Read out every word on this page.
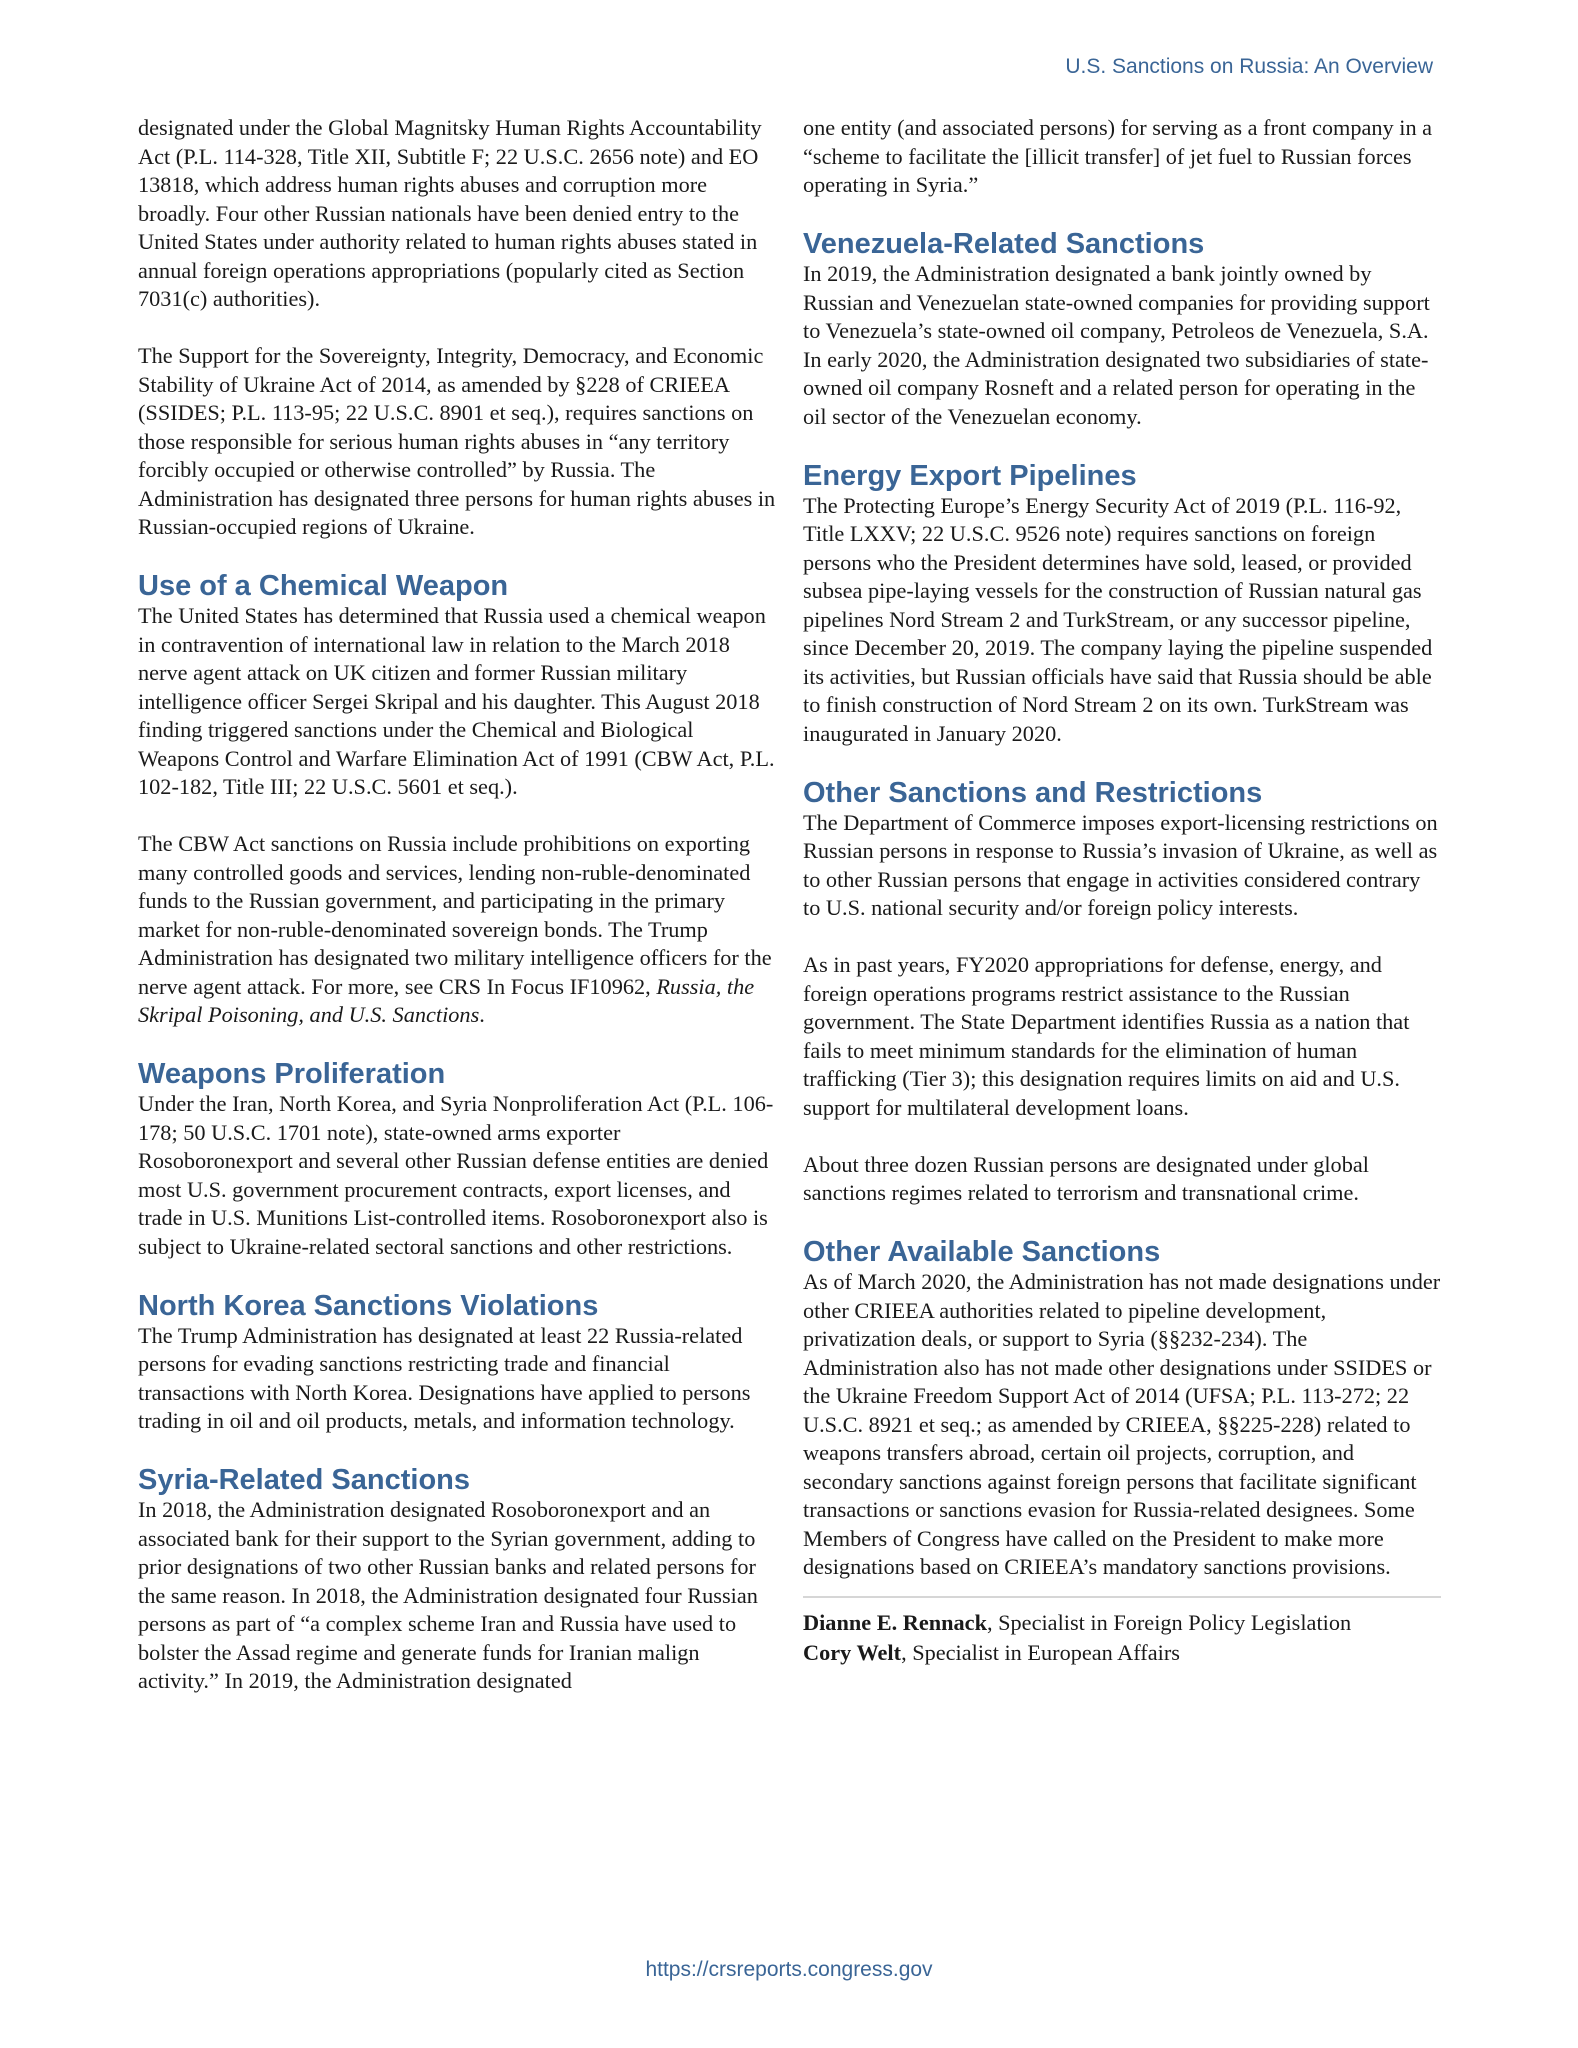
U.S. Sanctions on Russia: An Overview

designated under the Global Magnitsky Human Rights Accountability Act (P.L. 114-328, Title XII, Subtitle F; 22 U.S.C. 2656 note) and EO 13818, which address human rights abuses and corruption more broadly. Four other Russian nationals have been denied entry to the United States under authority related to human rights abuses stated in annual foreign operations appropriations (popularly cited as Section 7031(c) authorities).

The Support for the Sovereignty, Integrity, Democracy, and Economic Stability of Ukraine Act of 2014, as amended by §228 of CRIEEA (SSIDES; P.L. 113-95; 22 U.S.C. 8901 et seq.), requires sanctions on those responsible for serious human rights abuses in “any territory forcibly occupied or otherwise controlled” by Russia. The Administration has designated three persons for human rights abuses in Russian-occupied regions of Ukraine.

Use of a Chemical Weapon

The United States has determined that Russia used a chemical weapon in contravention of international law in relation to the March 2018 nerve agent attack on UK citizen and former Russian military intelligence officer Sergei Skripal and his daughter. This August 2018 finding triggered sanctions under the Chemical and Biological Weapons Control and Warfare Elimination Act of 1991 (CBW Act, P.L. 102-182, Title III; 22 U.S.C. 5601 et seq.).

The CBW Act sanctions on Russia include prohibitions on exporting many controlled goods and services, lending non-ruble-denominated funds to the Russian government, and participating in the primary market for non-ruble-denominated sovereign bonds. The Trump Administration has designated two military intelligence officers for the nerve agent attack. For more, see CRS In Focus IF10962, Russia, the Skripal Poisoning, and U.S. Sanctions.

Weapons Proliferation

Under the Iran, North Korea, and Syria Nonproliferation Act (P.L. 106-178; 50 U.S.C. 1701 note), state-owned arms exporter Rosoboronexport and several other Russian defense entities are denied most U.S. government procurement contracts, export licenses, and trade in U.S. Munitions List-controlled items. Rosoboronexport also is subject to Ukraine-related sectoral sanctions and other restrictions.

North Korea Sanctions Violations

The Trump Administration has designated at least 22 Russia-related persons for evading sanctions restricting trade and financial transactions with North Korea. Designations have applied to persons trading in oil and oil products, metals, and information technology.

Syria-Related Sanctions

In 2018, the Administration designated Rosoboronexport and an associated bank for their support to the Syrian government, adding to prior designations of two other Russian banks and related persons for the same reason. In 2018, the Administration designated four Russian persons as part of “a complex scheme Iran and Russia have used to bolster the Assad regime and generate funds for Iranian malign activity.” In 2019, the Administration designated

one entity (and associated persons) for serving as a front company in a “scheme to facilitate the [illicit transfer] of jet fuel to Russian forces operating in Syria.”

Venezuela-Related Sanctions

In 2019, the Administration designated a bank jointly owned by Russian and Venezuelan state-owned companies for providing support to Venezuela’s state-owned oil company, Petroleos de Venezuela, S.A. In early 2020, the Administration designated two subsidiaries of state-owned oil company Rosneft and a related person for operating in the oil sector of the Venezuelan economy.

Energy Export Pipelines

The Protecting Europe’s Energy Security Act of 2019 (P.L. 116-92, Title LXXV; 22 U.S.C. 9526 note) requires sanctions on foreign persons who the President determines have sold, leased, or provided subsea pipe-laying vessels for the construction of Russian natural gas pipelines Nord Stream 2 and TurkStream, or any successor pipeline, since December 20, 2019. The company laying the pipeline suspended its activities, but Russian officials have said that Russia should be able to finish construction of Nord Stream 2 on its own. TurkStream was inaugurated in January 2020.

Other Sanctions and Restrictions

The Department of Commerce imposes export-licensing restrictions on Russian persons in response to Russia’s invasion of Ukraine, as well as to other Russian persons that engage in activities considered contrary to U.S. national security and/or foreign policy interests.

As in past years, FY2020 appropriations for defense, energy, and foreign operations programs restrict assistance to the Russian government. The State Department identifies Russia as a nation that fails to meet minimum standards for the elimination of human trafficking (Tier 3); this designation requires limits on aid and U.S. support for multilateral development loans.

About three dozen Russian persons are designated under global sanctions regimes related to terrorism and transnational crime.

Other Available Sanctions

As of March 2020, the Administration has not made designations under other CRIEEA authorities related to pipeline development, privatization deals, or support to Syria (§§232-234). The Administration also has not made other designations under SSIDES or the Ukraine Freedom Support Act of 2014 (UFSA; P.L. 113-272; 22 U.S.C. 8921 et seq.; as amended by CRIEEA, §§225-228) related to weapons transfers abroad, certain oil projects, corruption, and secondary sanctions against foreign persons that facilitate significant transactions or sanctions evasion for Russia-related designees. Some Members of Congress have called on the President to make more designations based on CRIEEA’s mandatory sanctions provisions.

Dianne E. Rennack, Specialist in Foreign Policy Legislation
Cory Welt, Specialist in European Affairs
https://crsreports.congress.gov
